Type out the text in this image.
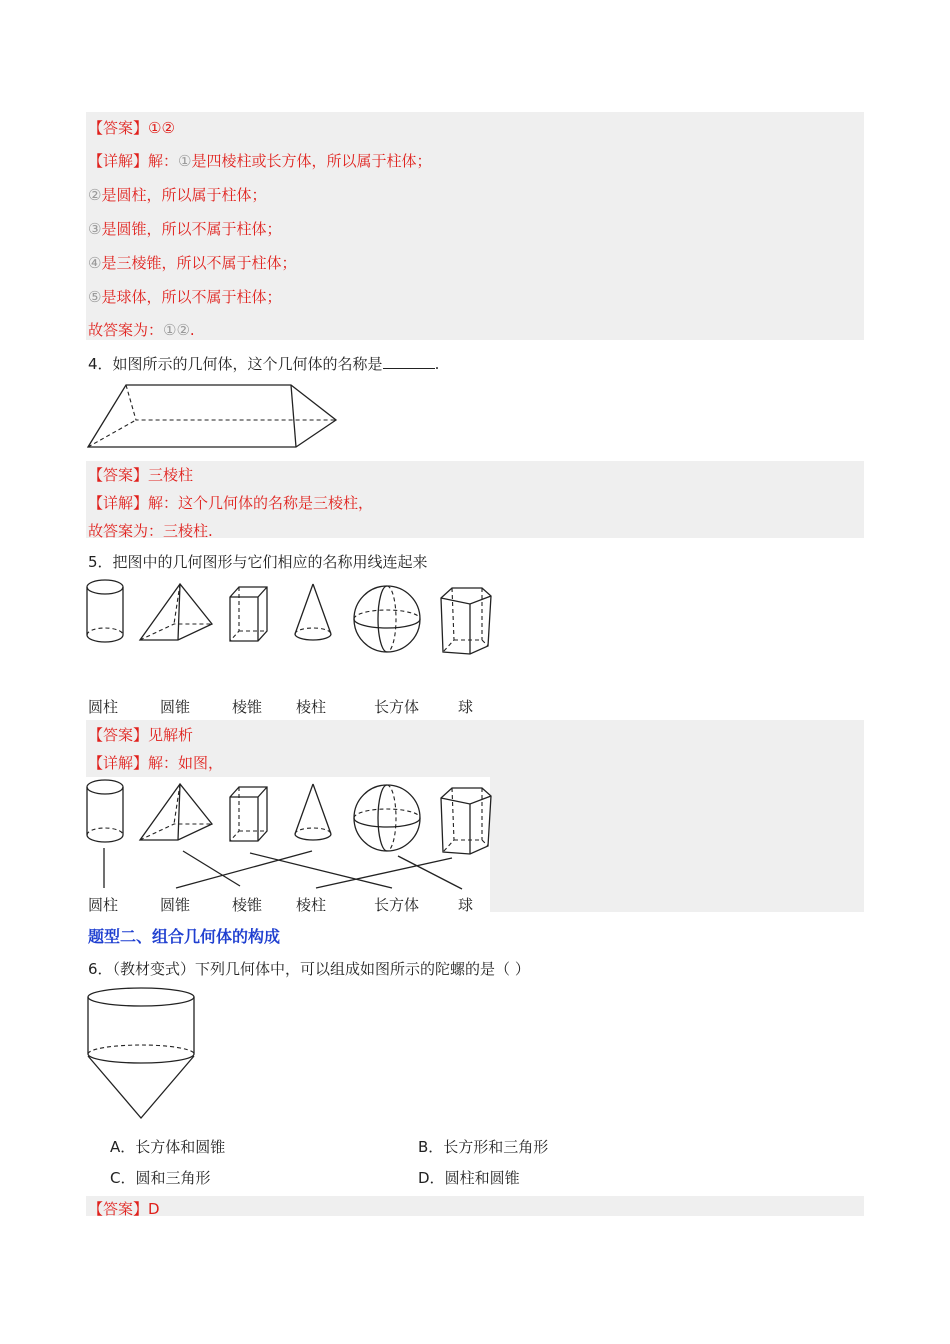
【答案】①②
【详解】解：①是四棱柱或长方体，所以属于柱体；
②是圆柱，所以属于柱体；
③是圆锥，所以不属于柱体；
④是三棱锥，所以不属于柱体；
⑤是球体，所以不属于柱体；
故答案为：①②.
4．如图所示的几何体，这个几何体的名称是	.
【答案】三棱柱
【详解】解：这个几何体的名称是三棱柱，
故答案为：三棱柱.
5．把图中的几何图形与它们相应的名称用线连起来
圆柱	圆锥	棱锥 棱柱	长方体	球
【答案】见解析
【详解】解：如图，
圆柱	圆锥	棱锥 棱柱	长方体	球
题型二、组合几何体的构成
6．（教材变式）下列几何体中，可以组成如图所示的陀螺的是（ ）
A．长方体和圆锥	B．长方形和三角形
C．圆和三角形	D．圆柱和圆锥
【答案】D
